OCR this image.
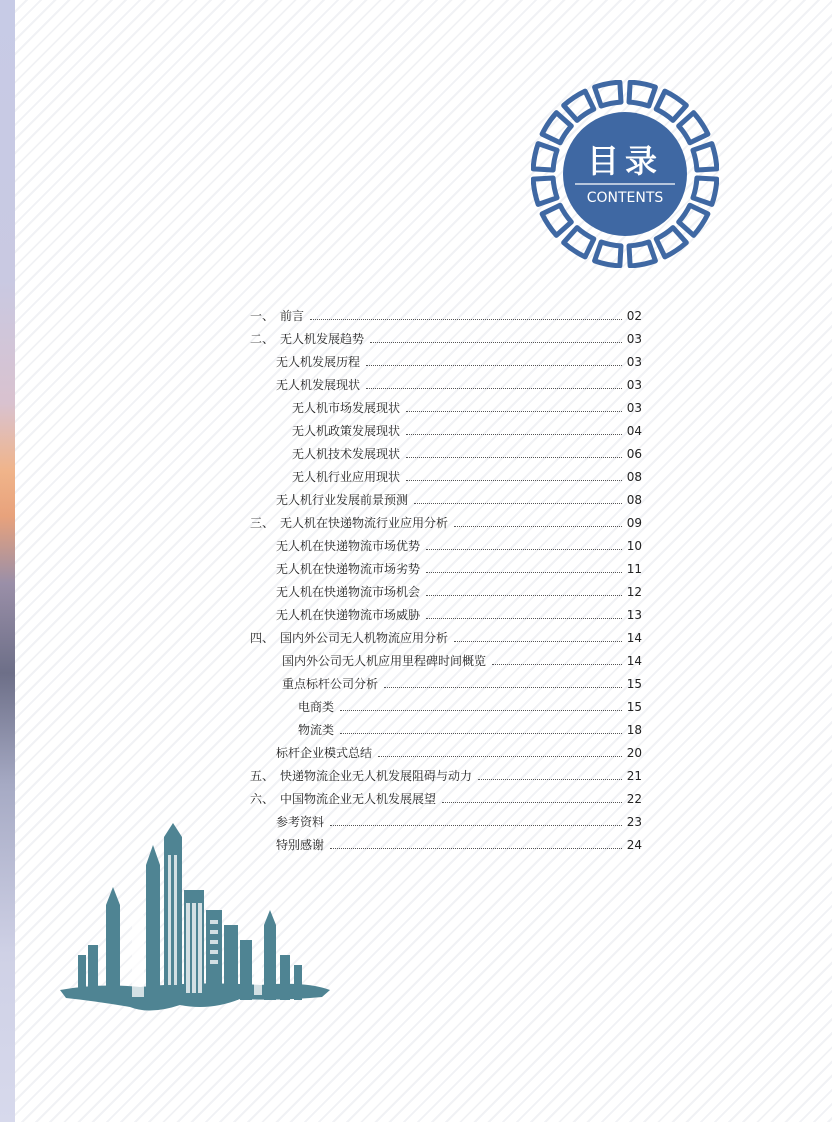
目录
CONTENTS
一、 前言	02
二、 无人机发展趋势	03
无人机发展历程	03
无人机发展现状	03
无人机市场发展现状	03
无人机政策发展现状	04
无人机技术发展现状	06
无人机行业应用现状	08
无人机行业发展前景预测	08
三、 无人机在快递物流行业应用分析	09
无人机在快递物流市场优势	10
无人机在快递物流市场劣势	11
无人机在快递物流市场机会	12
无人机在快递物流市场威胁	13
四、 国内外公司无人机物流应用分析	14
国内外公司无人机应用里程碑时间概览	14
重点标杆公司分析	15
电商类	15
物流类	18
标杆企业模式总结	20
五、 快递物流企业无人机发展阻碍与动力	21
六、 中国物流企业无人机发展展望	22
参考资料	23
特别感谢	24
